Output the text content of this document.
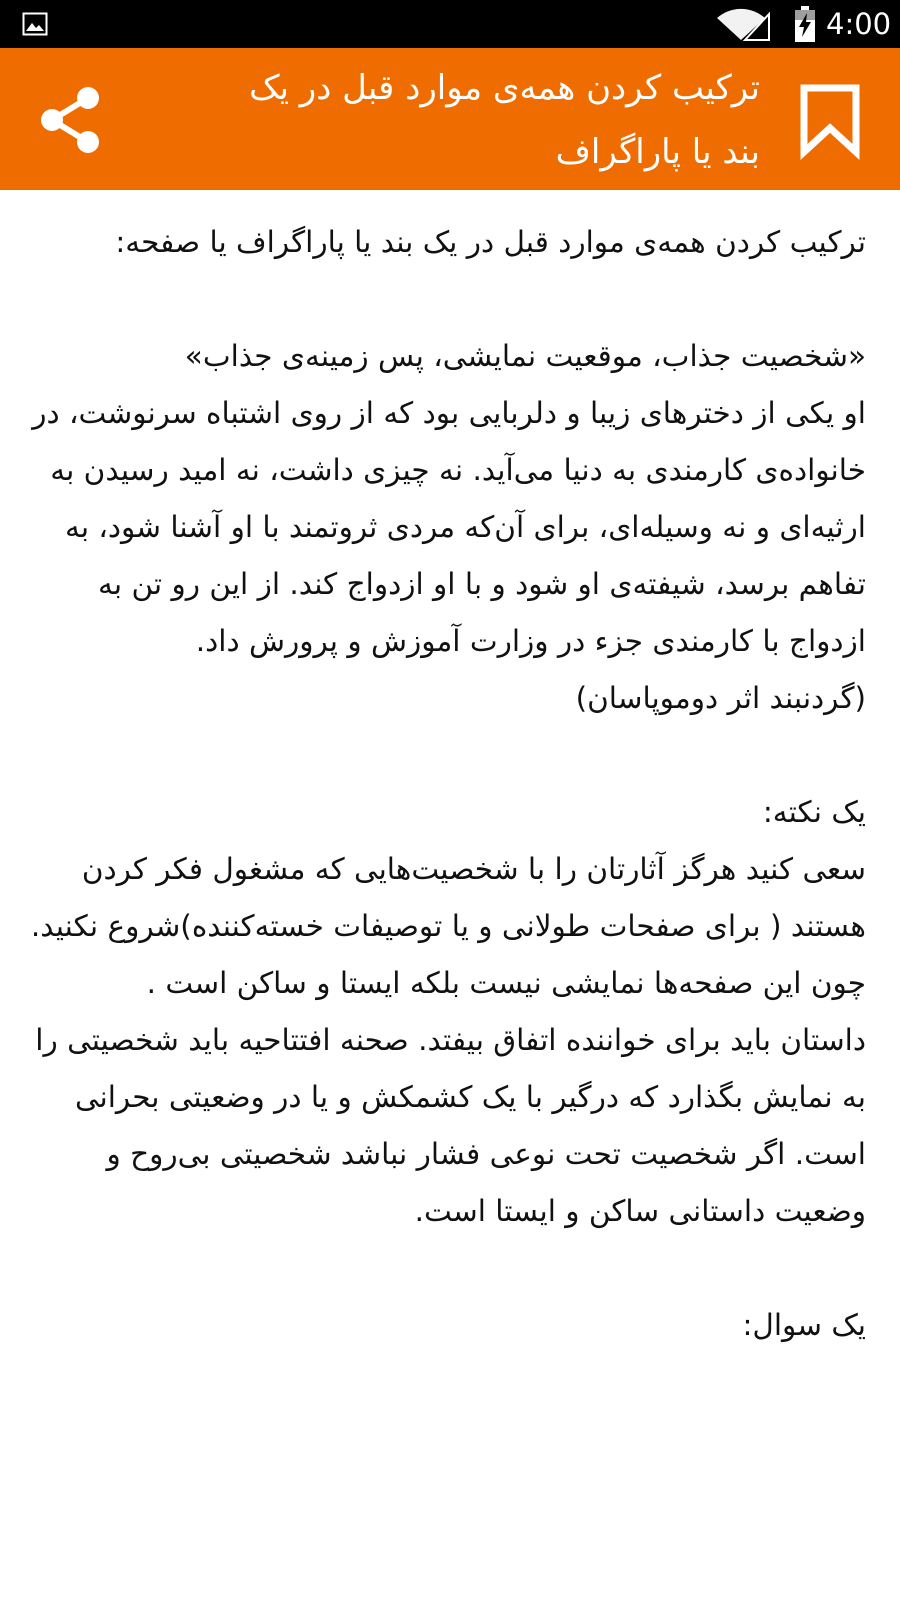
4:00
ترکیب کردن همه‌ی موارد قبل در یک
بند یا پاراگراف
ترکیب کردن همه‌ی موارد قبل در یک بند یا پاراگراف یا صفحه:
«شخصیت جذاب، موقعیت نمایشی، پس زمینه‌ی جذاب»
او یکی از دخترهای زیبا و دلربایی بود که از روی اشتباه سرنوشت، در خانواده‌ی کارمندی به دنیا می‌آید. نه چیزی داشت، نه امید رسیدن به ارثیه‌ای و نه وسیله‌ای، برای آن‌که مردی ثروتمند با او آشنا شود، به تفاهم برسد، شیفته‌ی او شود و با او ازدواج کند. از این رو تن به ازدواج با کارمندی جزء در وزارت آموزش و پرورش داد.
(گردنبند اثر دوموپاسان)
یک نکته:
سعی کنید هرگز آثارتان را با شخصیت‌هایی که مشغول فکر کردن هستند ( برای صفحات طولانی و یا توصیفات خسته‌کننده)شروع نکنید. چون این صفحه‌ها نمایشی نیست بلکه ایستا و ساکن است .
داستان باید برای خواننده اتفاق بیفتد. صحنه افتتاحیه باید شخصیتی را به نمایش بگذارد که درگیر با یک کشمکش و یا در وضعیتی بحرانی است. اگر شخصیت تحت نوعی فشار نباشد شخصیتی بی‌روح و وضعیت داستانی ساکن و ایستا است.
یک سوال:
